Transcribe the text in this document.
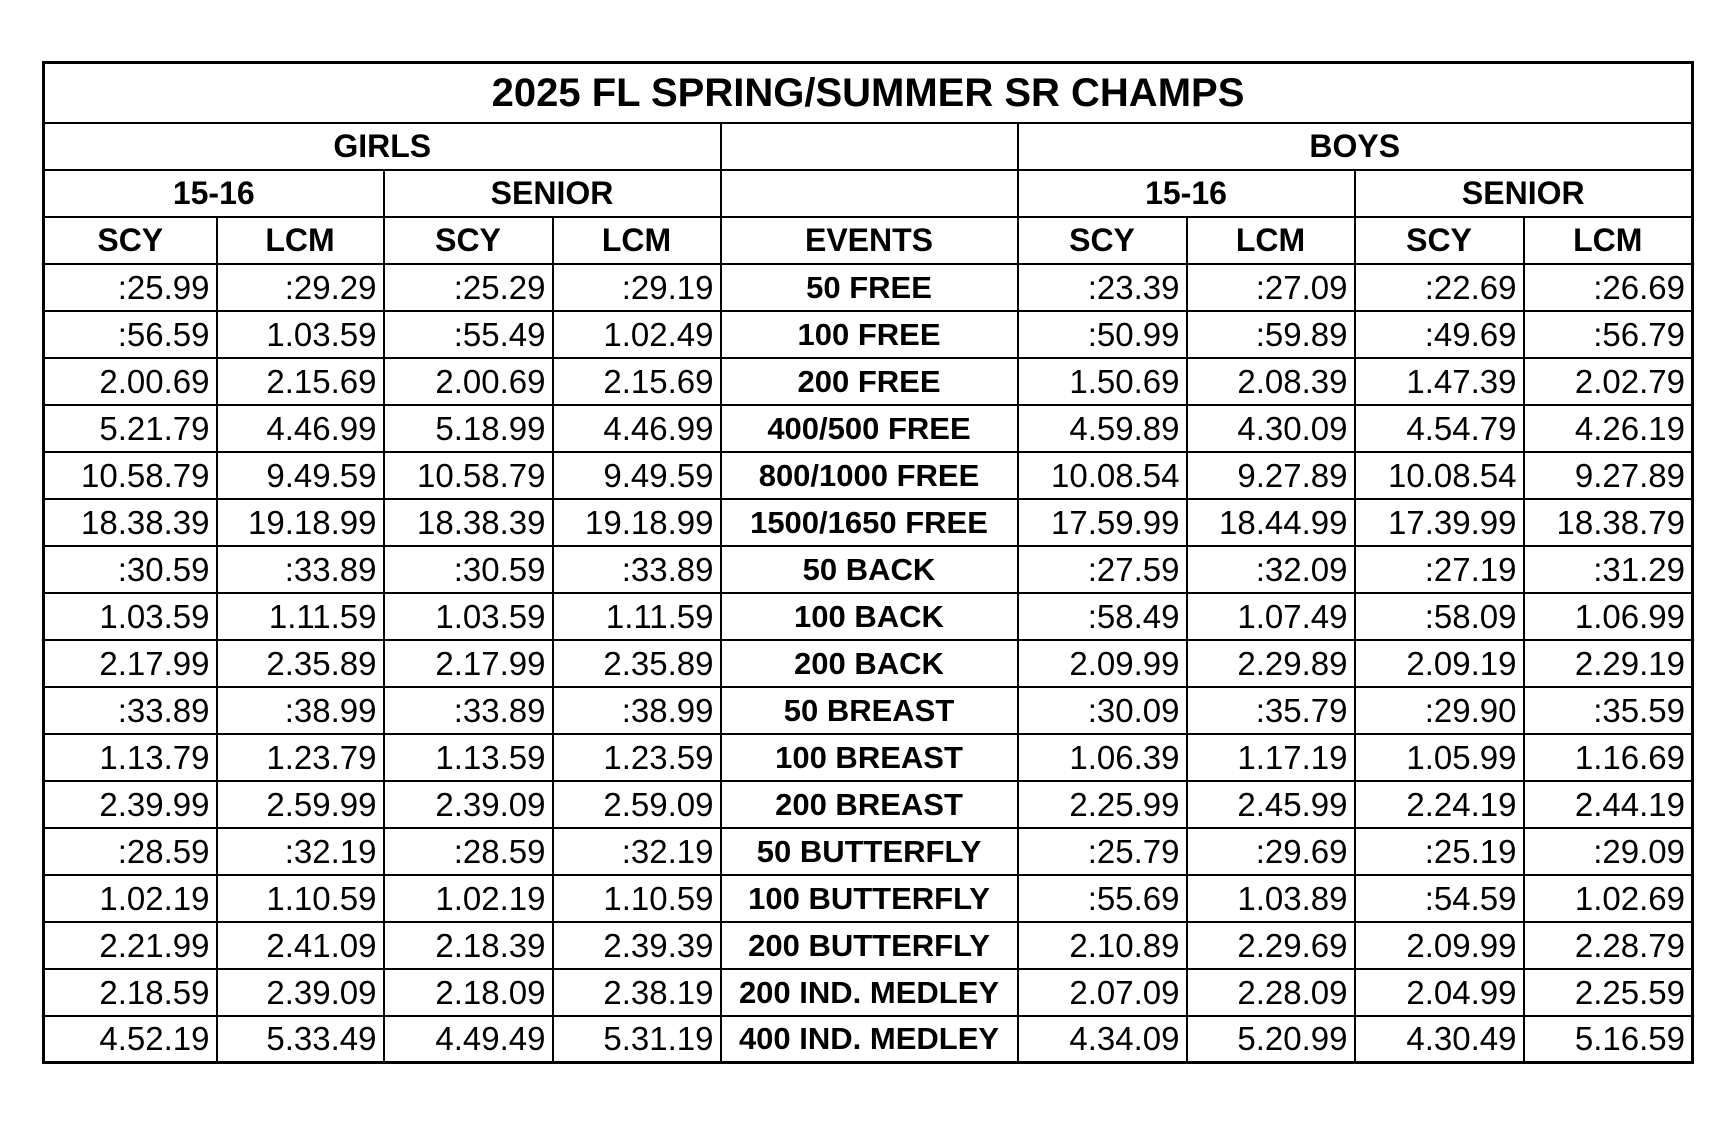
2025 FL SPRING/SUMMER SR CHAMPS								
GIRLS					BOYS			
15-16		SENIOR			15-16		SENIOR	
SCY	LCM	SCY	LCM	EVENTS	SCY	LCM	SCY	LCM
:25.99	:29.29	:25.29	:29.19	50 FREE	:23.39	:27.09	:22.69	:26.69
:56.59	1.03.59	:55.49	1.02.49	100 FREE	:50.99	:59.89	:49.69	:56.79
2.00.69	2.15.69	2.00.69	2.15.69	200 FREE	1.50.69	2.08.39	1.47.39	2.02.79
5.21.79	4.46.99	5.18.99	4.46.99	400/500 FREE	4.59.89	4.30.09	4.54.79	4.26.19
10.58.79	9.49.59	10.58.79	9.49.59	800/1000 FREE	10.08.54	9.27.89	10.08.54	9.27.89
18.38.39	19.18.99	18.38.39	19.18.99	1500/1650 FREE	17.59.99	18.44.99	17.39.99	18.38.79
:30.59	:33.89	:30.59	:33.89	50 BACK	:27.59	:32.09	:27.19	:31.29
1.03.59	1.11.59	1.03.59	1.11.59	100 BACK	:58.49	1.07.49	:58.09	1.06.99
2.17.99	2.35.89	2.17.99	2.35.89	200 BACK	2.09.99	2.29.89	2.09.19	2.29.19
:33.89	:38.99	:33.89	:38.99	50 BREAST	:30.09	:35.79	:29.90	:35.59
1.13.79	1.23.79	1.13.59	1.23.59	100 BREAST	1.06.39	1.17.19	1.05.99	1.16.69
2.39.99	2.59.99	2.39.09	2.59.09	200 BREAST	2.25.99	2.45.99	2.24.19	2.44.19
:28.59	:32.19	:28.59	:32.19	50 BUTTERFLY	:25.79	:29.69	:25.19	:29.09
1.02.19	1.10.59	1.02.19	1.10.59	100 BUTTERFLY	:55.69	1.03.89	:54.59	1.02.69
2.21.99	2.41.09	2.18.39	2.39.39	200 BUTTERFLY	2.10.89	2.29.69	2.09.99	2.28.79
2.18.59	2.39.09	2.18.09	2.38.19	200 IND. MEDLEY	2.07.09	2.28.09	2.04.99	2.25.59
4.52.19	5.33.49	4.49.49	5.31.19	400 IND. MEDLEY	4.34.09	5.20.99	4.30.49	5.16.59
